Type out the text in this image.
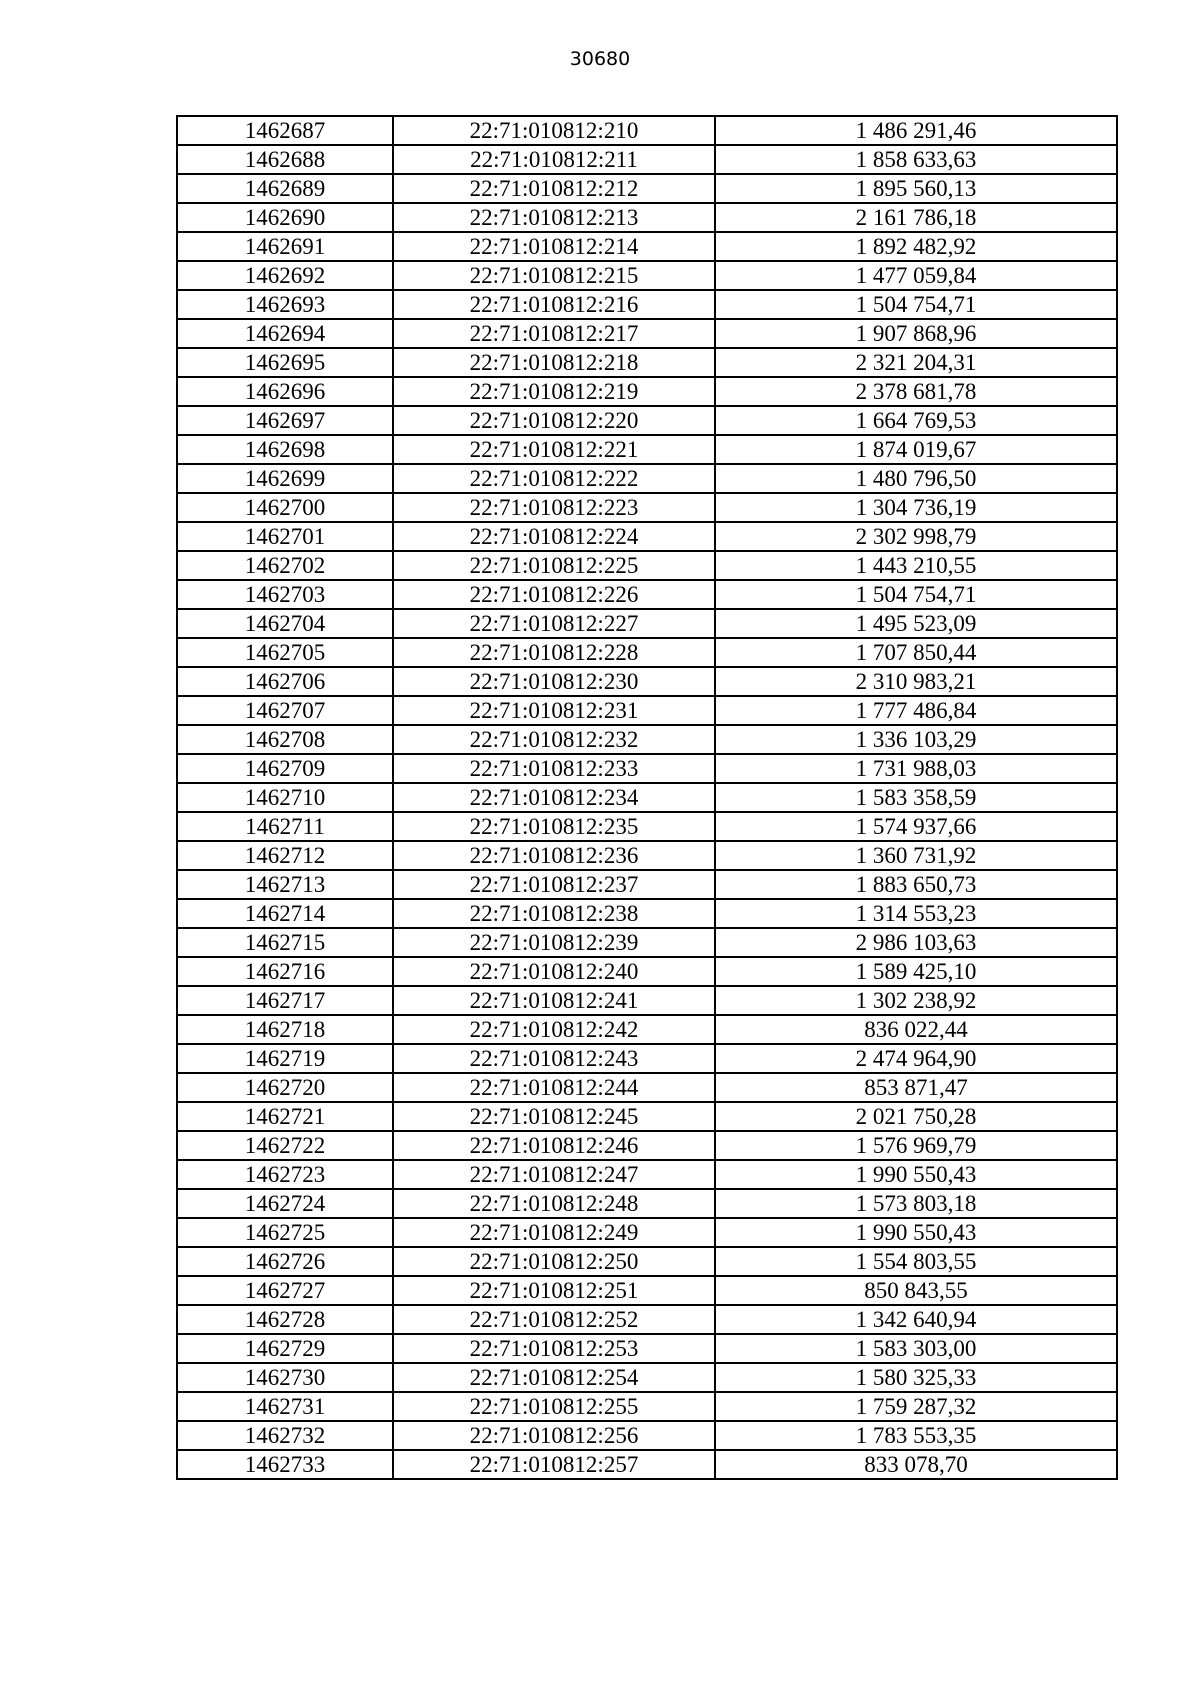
30680
1462687	22:71:010812:210	1 486 291,46
1462688	22:71:010812:211	1 858 633,63
1462689	22:71:010812:212	1 895 560,13
1462690	22:71:010812:213	2 161 786,18
1462691	22:71:010812:214	1 892 482,92
1462692	22:71:010812:215	1 477 059,84
1462693	22:71:010812:216	1 504 754,71
1462694	22:71:010812:217	1 907 868,96
1462695	22:71:010812:218	2 321 204,31
1462696	22:71:010812:219	2 378 681,78
1462697	22:71:010812:220	1 664 769,53
1462698	22:71:010812:221	1 874 019,67
1462699	22:71:010812:222	1 480 796,50
1462700	22:71:010812:223	1 304 736,19
1462701	22:71:010812:224	2 302 998,79
1462702	22:71:010812:225	1 443 210,55
1462703	22:71:010812:226	1 504 754,71
1462704	22:71:010812:227	1 495 523,09
1462705	22:71:010812:228	1 707 850,44
1462706	22:71:010812:230	2 310 983,21
1462707	22:71:010812:231	1 777 486,84
1462708	22:71:010812:232	1 336 103,29
1462709	22:71:010812:233	1 731 988,03
1462710	22:71:010812:234	1 583 358,59
1462711	22:71:010812:235	1 574 937,66
1462712	22:71:010812:236	1 360 731,92
1462713	22:71:010812:237	1 883 650,73
1462714	22:71:010812:238	1 314 553,23
1462715	22:71:010812:239	2 986 103,63
1462716	22:71:010812:240	1 589 425,10
1462717	22:71:010812:241	1 302 238,92
1462718	22:71:010812:242	836 022,44
1462719	22:71:010812:243	2 474 964,90
1462720	22:71:010812:244	853 871,47
1462721	22:71:010812:245	2 021 750,28
1462722	22:71:010812:246	1 576 969,79
1462723	22:71:010812:247	1 990 550,43
1462724	22:71:010812:248	1 573 803,18
1462725	22:71:010812:249	1 990 550,43
1462726	22:71:010812:250	1 554 803,55
1462727	22:71:010812:251	850 843,55
1462728	22:71:010812:252	1 342 640,94
1462729	22:71:010812:253	1 583 303,00
1462730	22:71:010812:254	1 580 325,33
1462731	22:71:010812:255	1 759 287,32
1462732	22:71:010812:256	1 783 553,35
1462733	22:71:010812:257	833 078,70
